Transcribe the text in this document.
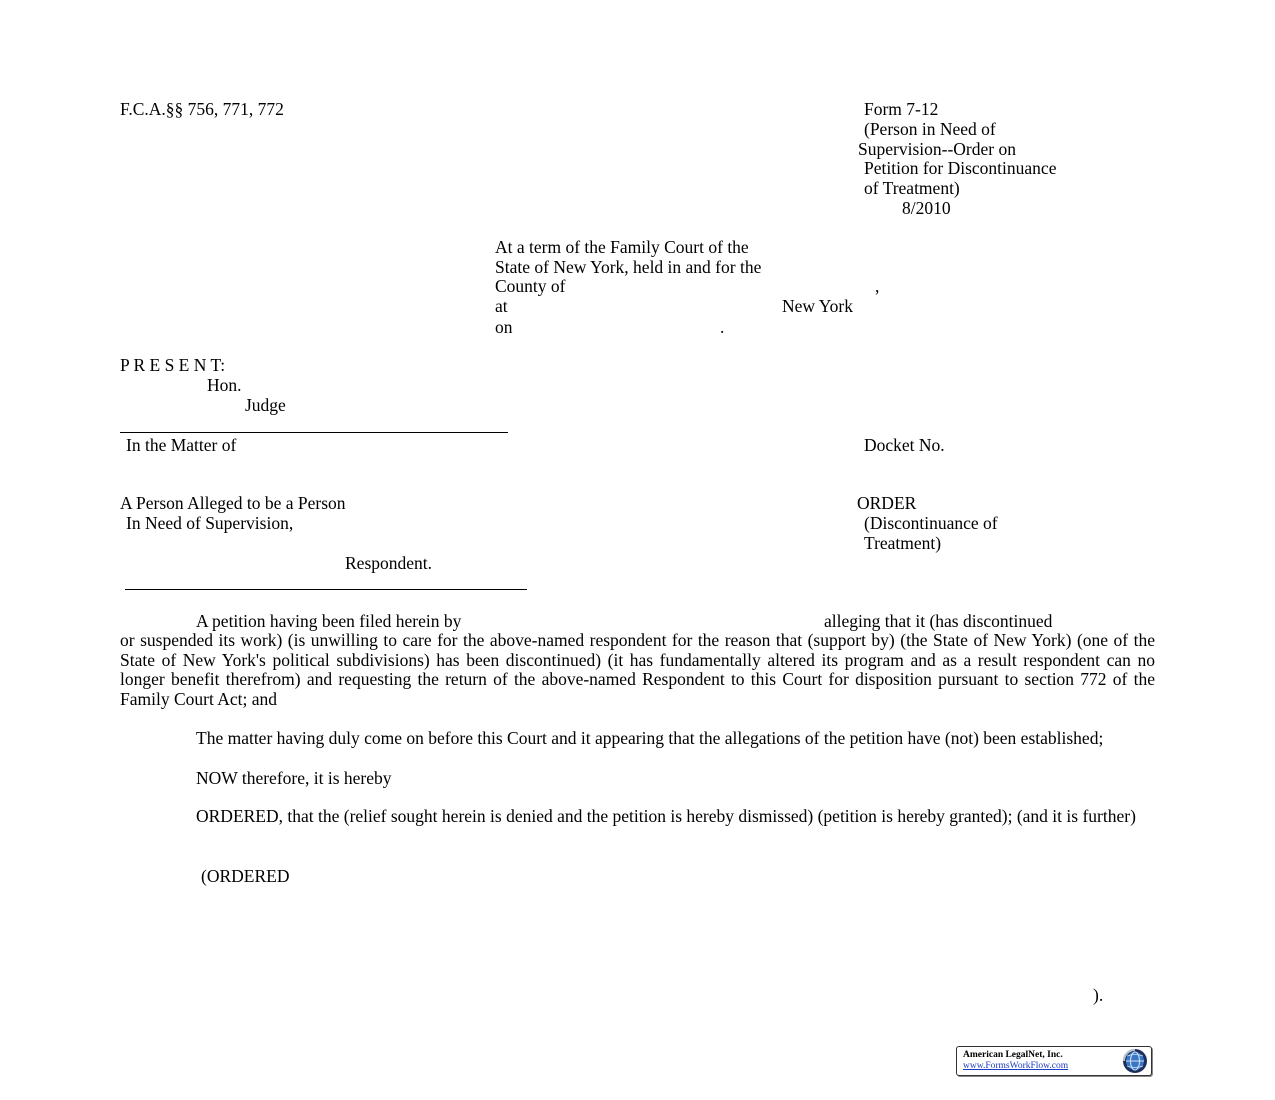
F.C.A.§§ 756, 771, 772	Form 7-12
(Person in Need of
Supervision--Order on
Petition for Discontinuance
of Treatment)
8/2010
At a term of the Family Court of the
State of New York, held in and for the
County of	,
at	New York
on	.
P R E S E N T:
Hon.
Judge
In the Matter of	Docket No.
A Person Alleged to be a Person
In Need of Supervision,
Respondent.
ORDER
(Discontinuance of
Treatment)
A petition having been filed herein by	alleging that it (has discontinued
or suspended its work) (is unwilling to care for the above-named respondent for the reason that (support by) (the State of New York) (one of the State of New York's political subdivisions) has been discontinued) (it has fundamentally altered its program and as a result respondent can no longer benefit therefrom) and requesting the return of the above-named Respondent to this Court for disposition pursuant to section 772 of the Family Court Act; and
The matter having duly come on before this Court and it appearing that the allegations of the petition have (not) been established;
NOW therefore, it is hereby
ORDERED, that the (relief sought herein is denied and the petition is hereby dismissed) (petition is hereby granted); (and it is further)
(ORDERED
).
American LegalNet, Inc.
www.FormsWorkFlow.com
